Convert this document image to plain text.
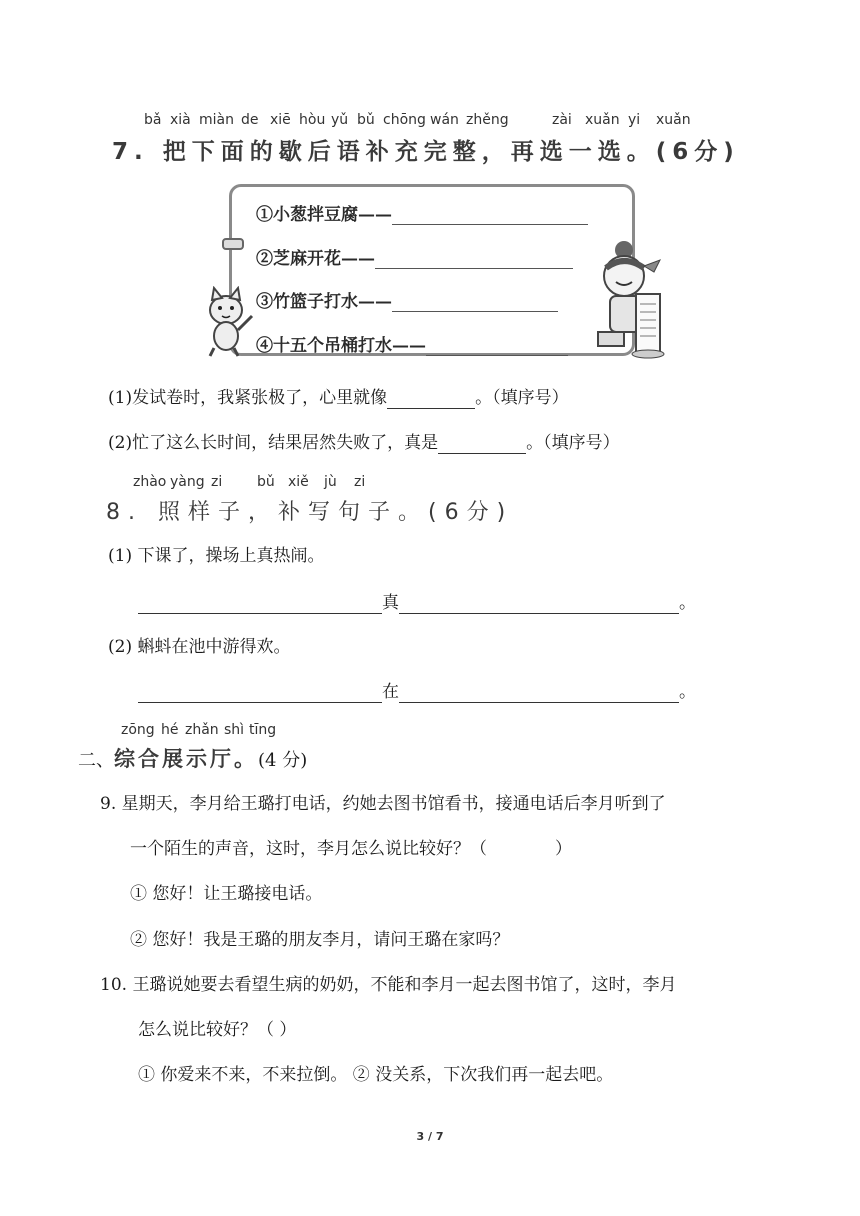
bǎ xià miàn de xiē hòu yǔ bǔ chōng wán zhěng	zài xuǎn yi xuǎn
7. 把下面的歇后语补充完整，再选一选。(6分)
①小葱拌豆腐——
②芝麻开花——
③竹篮子打水——
④十五个吊桶打水——
(1)发试卷时，我紧张极了，心里就像	。（填序号）
(2)忙了这么长时间，结果居然失败了，真是	。（填序号）
zhào yàng zi bǔ xiě jù zi
8. 照样子，补写句子。(6分)
(1) 下课了，操场上真热闹。
真	。
(2) 蝌蚪在池中游得欢。
在	。
zōng hé zhǎn shì tīng
二、综合展示厅。(4 分)
9. 星期天，李月给王璐打电话，约她去图书馆看书，接通电话后李月听到了
一个陌生的声音，这时，李月怎么说比较好？（　　　　）
① 您好！让王璐接电话。
② 您好！我是王璐的朋友李月，请问王璐在家吗？
10. 王璐说她要去看望生病的奶奶，不能和李月一起去图书馆了，这时，李月
怎么说比较好？（ ）
① 你爱来不来，不来拉倒。 ② 没关系，下次我们再一起去吧。
3 / 7
